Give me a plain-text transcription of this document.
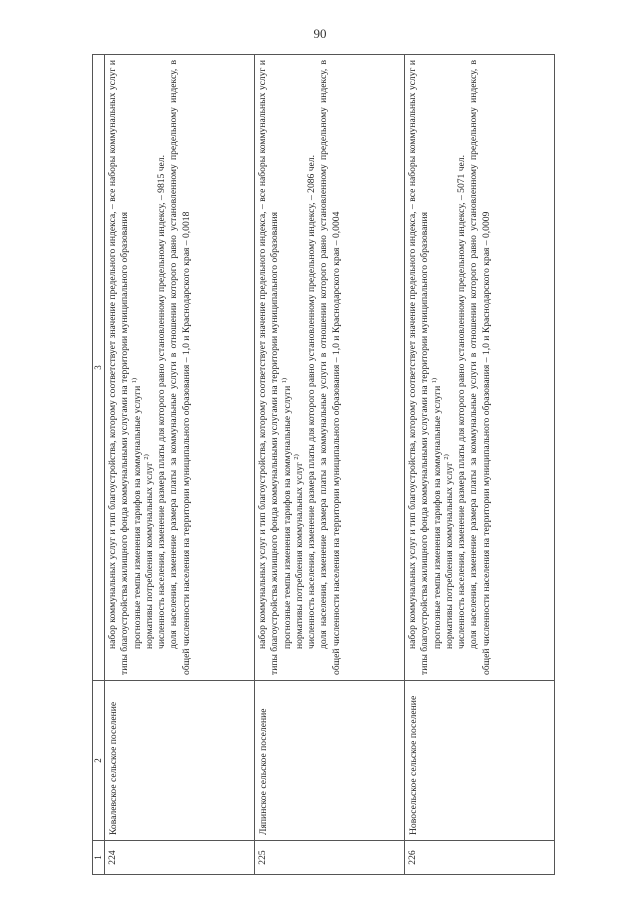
90
1	2	3
224	Ковалевское сельское поселение	набор коммунальных услуг и тип благоустройства, которому соответствует значение предельного индекса, – все наборы коммунальных услуг и типы благоустройства жилищного фонда коммунальными услугами на территории муниципального образования прогнозные темпы изменения тарифов на коммунальные услуги $^{1)}$

нормативы потребления коммунальных услуг $^{2)}$ численность населения, изменение размера платы для которого равно установленному предельному индексу, – 9815 чел. доля населения, изменение размера платы за коммунальные услуги в отношении которого равно установленному предельному индексу, в общей численности населения на территории муниципального образования – 1,0 и Краснодарского края – 0,0018

225	Ляпинское сельское поселение	набор коммунальных услуг и тип благоустройства, которому соответствует значение предельного индекса, – все наборы коммунальных услуг и типы благоустройства жилищного фонда коммунальными услугами на территории муниципального образования прогнозные темпы изменения тарифов на коммунальные услуги $^{1)}$

нормативы потребления коммунальных услуг $^{2)}$ численность населения, изменение размера платы для которого равно установленному предельному индексу, – 2086 чел. доля населения, изменение размера платы за коммунальные услуги в отношении которого равно установленному предельному индексу, в общей численности населения на территории муниципального образования – 1,0 и Краснодарского края – 0,0004

226	Новосельское сельское поселение	набор коммунальных услуг и тип благоустройства, которому соответствует значение предельного индекса, – все наборы коммунальных услуг и типы благоустройства жилищного фонда коммунальными услугами на территории муниципального образования прогнозные темпы изменения тарифов на коммунальные услуги $^{1)}$

нормативы потребления коммунальных услуг $^{2)}$ численность населения, изменение размера платы для которого равно установленному предельному индексу, – 5071 чел. доля населения, изменение размера платы за коммунальные услуги в отношении которого равно установленному предельному индексу, в общей численности населения на территории муниципального образования – 1,0 и Краснодарского края – 0,0009
